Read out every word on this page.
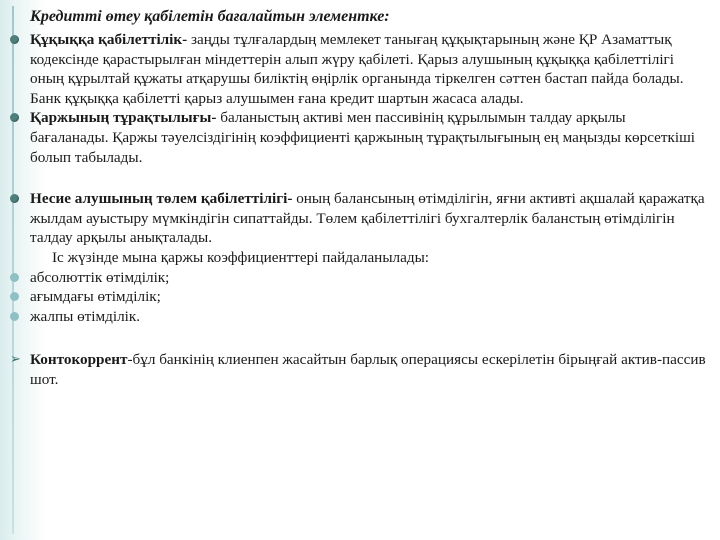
Кредитті өтеу қабілетін бағалайтын элементке:
Құқыққа қабілеттілік- заңды тұлғалардың мемлекет танығаң құқықтарының және ҚР Азаматтық кодексінде қарастырылған міндеттерін алып жүру қабілеті. Қарыз алушының құқыққа қабілеттілігі оның құрылтай құжаты атқарушы биліктің өңірлік органында тіркелген сәттен бастап пайда болады. Банк құқыққа қабілетті қарыз алушымен ғана кредит шартын жасаса алады.
Қаржының тұрақтылығы- баланыстың активі мен пассивінің құрылымын талдау арқылы бағаланады. Қаржы тәуелсіздігінің коэффициенті қаржының тұрақтылығының ең маңызды көрсеткіші болып табылады.
Несие алушының төлем қабілеттілігі- оның балансының өтімділігін, яғни активті ақшалай қаражатқа жылдам ауыстыру мүмкіндігін сипаттайды. Төлем қабілеттілігі бухгалтерлік баланстың өтімділігін талдау арқылы анықталады.
Іс жүзінде мына қаржы коэффициенттері пайдаланылады:
абсолюттік өтімділік;
ағымдағы өтімділік;
жалпы өтімділік.
➢ Контокоррент-бұл банкінің клиенпен жасайтын барлық операциясы ескерілетін бірыңғай актив-пассив шот.
